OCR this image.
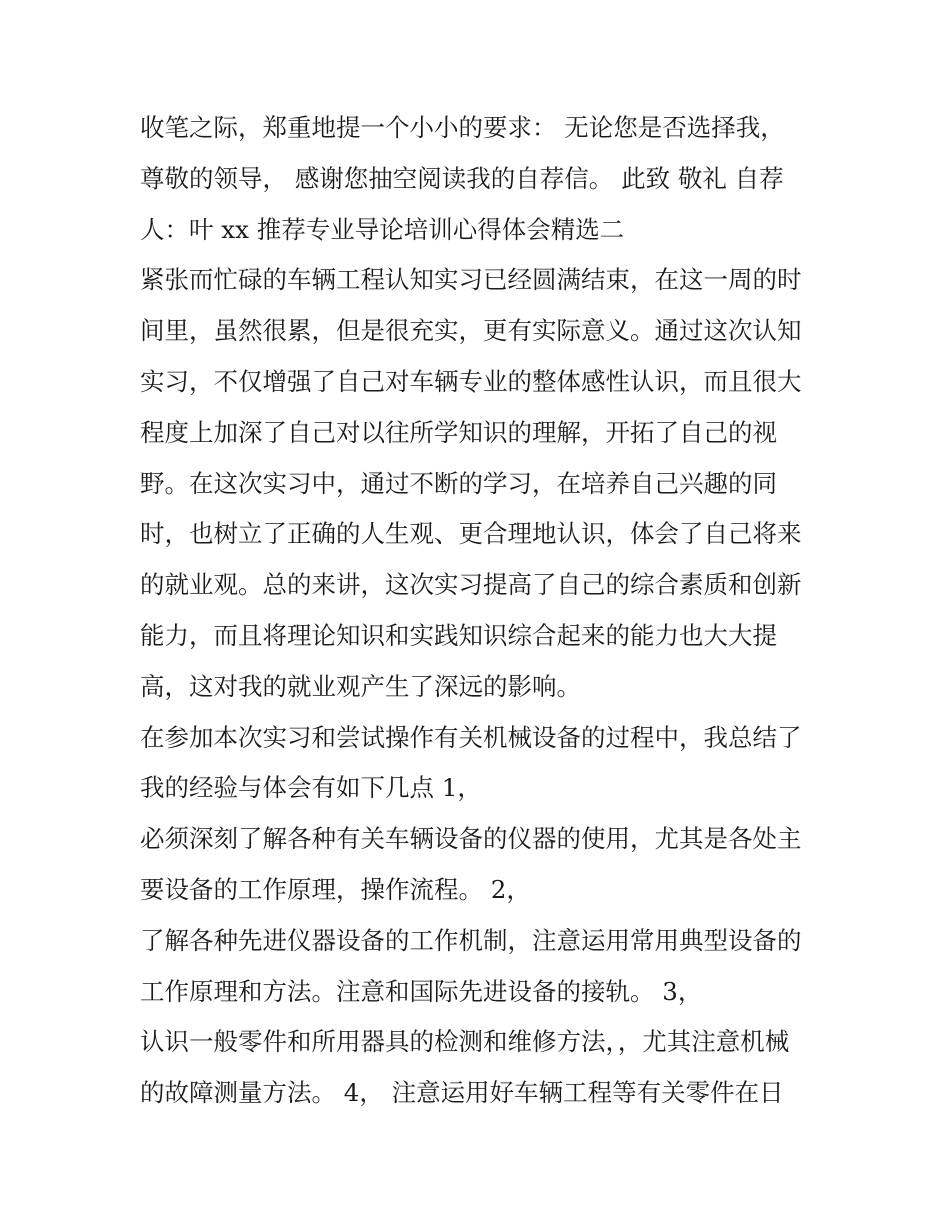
收笔之际，郑重地提一个小小的要求： 无论您是否选择我，
尊敬的领导， 感谢您抽空阅读我的自荐信。 此致 敬礼 自荐
人：叶 xx 推荐专业导论培训心得体会精选二
紧张而忙碌的车辆工程认知实习已经圆满结束，在这一周的时
间里，虽然很累，但是很充实，更有实际意义。通过这次认知
实习，不仅增强了自己对车辆专业的整体感性认识，而且很大
程度上加深了自己对以往所学知识的理解，开拓了自己的视
野。在这次实习中，通过不断的学习，在培养自己兴趣的同
时，也树立了正确的人生观、更合理地认识，体会了自己将来
的就业观。总的来讲，这次实习提高了自己的综合素质和创新
能力，而且将理论知识和实践知识综合起来的能力也大大提
高，这对我的就业观产生了深远的影响。
在参加本次实习和尝试操作有关机械设备的过程中，我总结了
我的经验与体会有如下几点 1，
必须深刻了解各种有关车辆设备的仪器的使用，尤其是各处主
要设备的工作原理，操作流程。 2，
了解各种先进仪器设备的工作机制，注意运用常用典型设备的
工作原理和方法。注意和国际先进设备的接轨。 3，
认识一般零件和所用器具的检测和维修方法，，尤其注意机械
的故障测量方法。 4， 注意运用好车辆工程等有关零件在日
